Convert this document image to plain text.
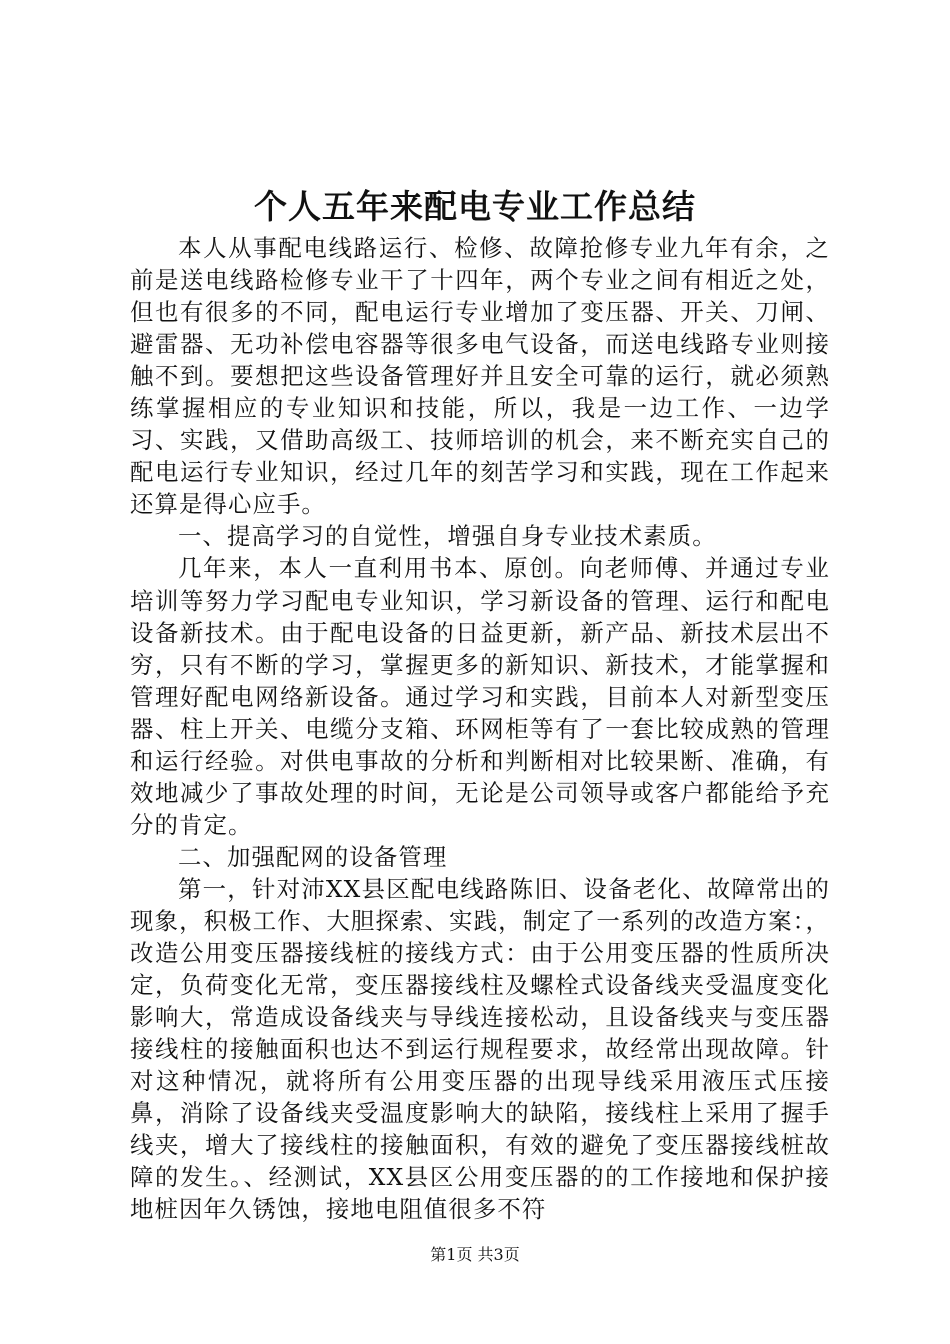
个人五年来配电专业工作总结

本人从事配电线路运行、检修、故障抢修专业九年有余，之前是送电线路检修专业干了十四年，两个专业之间有相近之处，但也有很多的不同，配电运行专业增加了变压器、开关、刀闸、避雷器、无功补偿电容器等很多电气设备，而送电线路专业则接触不到。要想把这些设备管理好并且安全可靠的运行，就必须熟练掌握相应的专业知识和技能，所以，我是一边工作、一边学习、实践，又借助高级工、技师培训的机会，来不断充实自己的配电运行专业知识，经过几年的刻苦学习和实践，现在工作起来还算是得心应手。

一、提高学习的自觉性，增强自身专业技术素质。

几年来，本人一直利用书本、原创。向老师傅、并通过专业培训等努力学习配电专业知识，学习新设备的管理、运行和配电设备新技术。由于配电设备的日益更新，新产品、新技术层出不穷，只有不断的学习，掌握更多的新知识、新技术，才能掌握和管理好配电网络新设备。通过学习和实践，目前本人对新型变压器、柱上开关、电缆分支箱、环网柜等有了一套比较成熟的管理和运行经验。对供电事故的分析和判断相对比较果断、准确，有效地减少了事故处理的时间，无论是公司领导或客户都能给予充分的肯定。

二、加强配网的设备管理

第一，针对沛XX县区配电线路陈旧、设备老化、故障常出的现象，积极工作、大胆探索、实践，制定了一系列的改造方案：，改造公用变压器接线桩的接线方式：由于公用变压器的性质所决定，负荷变化无常，变压器接线柱及螺栓式设备线夹受温度变化影响大，常造成设备线夹与导线连接松动，且设备线夹与变压器接线柱的接触面积也达不到运行规程要求，故经常出现故障。针对这种情况，就将所有公用变压器的出现导线采用液压式压接鼻，消除了设备线夹受温度影响大的缺陷，接线柱上采用了握手线夹，增大了接线柱的接触面积，有效的避免了变压器接线桩故障的发生。、经测试，XX县区公用变压器的的工作接地和保护接地桩因年久锈蚀，接地电阻值很多不符

第1页 共3页
